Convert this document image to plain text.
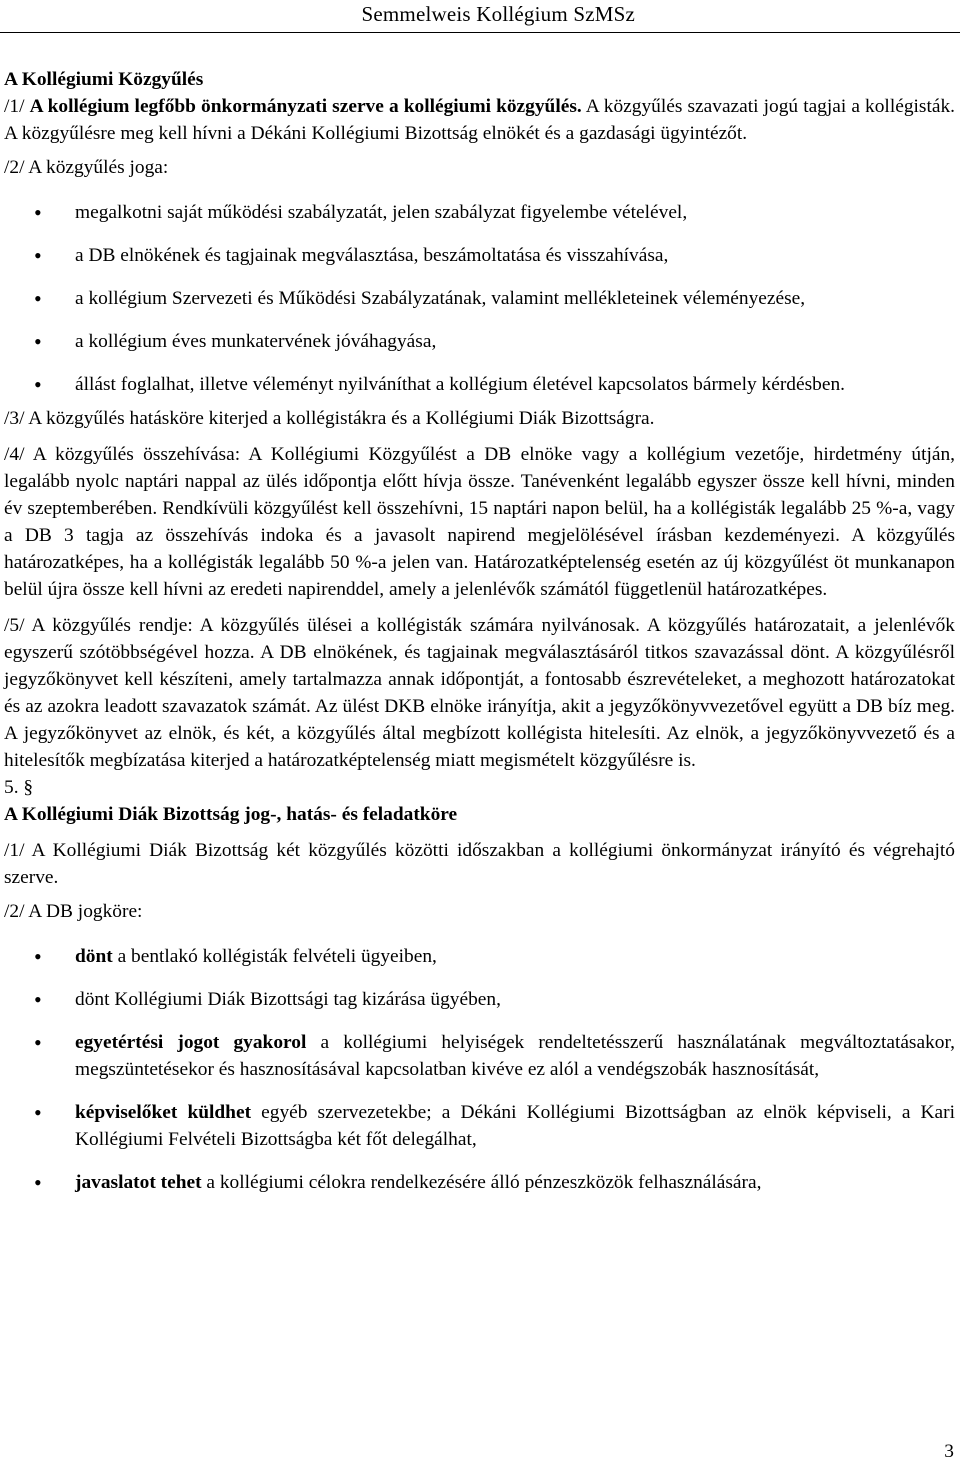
Semmelweis Kollégium SzMSz

A Kollégiumi Közgyűlés

/1/ A kollégium legfőbb önkormányzati szerve a kollégiumi közgyűlés. A közgyűlés szavazati jogú tagjai a kollégisták. A közgyűlésre meg kell hívni a Dékáni Kollégiumi Bizottság elnökét és a gazdasági ügyintézőt.

/2/ A közgyűlés joga:

• megalkotni saját működési szabályzatát, jelen szabályzat figyelembe vételével,
• a DB elnökének és tagjainak megválasztása, beszámoltatása és visszahívása,
• a kollégium Szervezeti és Működési Szabályzatának, valamint mellékleteinek véleményezése,
• a kollégium éves munkatervének jóváhagyása,
• állást foglalhat, illetve véleményt nyilváníthat a kollégium életével kapcsolatos bármely kérdésben.

/3/ A közgyűlés hatásköre kiterjed a kollégistákra és a Kollégiumi Diák Bizottságra.

/4/ A közgyűlés összehívása: A Kollégiumi Közgyűlést a DB elnöke vagy a kollégium vezetője, hirdetmény útján, legalább nyolc naptári nappal az ülés időpontja előtt hívja össze. Tanévenként legalább egyszer össze kell hívni, minden év szeptemberében. Rendkívüli közgyűlést kell összehívni, 15 naptári napon belül, ha a kollégisták legalább 25 %-a, vagy a DB 3 tagja az összehívás indoka és a javasolt napirend megjelölésével írásban kezdeményezi. A közgyűlés határozatképes, ha a kollégisták legalább 50 %-a jelen van. Határozatképtelenség esetén az új közgyűlést öt munkanapon belül újra össze kell hívni az eredeti napirenddel, amely a jelenlévők számától függetlenül határozatképes.

/5/ A közgyűlés rendje: A közgyűlés ülései a kollégisták számára nyilvánosak. A közgyűlés határozatait, a jelenlévők egyszerű szótöbbségével hozza. A DB elnökének, és tagjainak megválasztásáról titkos szavazással dönt. A közgyűlésről jegyzőkönyvet kell készíteni, amely tartalmazza annak időpontját, a fontosabb észrevételeket, a meghozott határozatokat és az azokra leadott szavazatok számát. Az ülést DKB elnöke irányítja, akit a jegyzőkönyvvezetővel együtt a DB bíz meg. A jegyzőkönyvet az elnök, és két, a közgyűlés által megbízott kollégista hitelesíti. Az elnök, a jegyzőkönyvvezető és a hitelesítők megbízatása kiterjed a határozatképtelenség miatt megismételt közgyűlésre is.

5. §

A Kollégiumi Diák Bizottság jog-, hatás- és feladatköre

/1/ A Kollégiumi Diák Bizottság két közgyűlés közötti időszakban a kollégiumi önkormányzat irányító és végrehajtó szerve.

/2/ A DB jogköre:

• dönt a bentlakó kollégisták felvételi ügyeiben,
• dönt Kollégiumi Diák Bizottsági tag kizárása ügyében,
• egyetértési jogot gyakorol a kollégiumi helyiségek rendeltetésszerű használatának megváltoztatásakor, megszüntetésekor és hasznosításával kapcsolatban kivéve ez alól a vendégszobák hasznosítását,
• képviselőket küldhet egyéb szervezetekbe; a Dékáni Kollégiumi Bizottságban az elnök képviseli, a Kari Kollégiumi Felvételi Bizottságba két főt delegálhat,
• javaslatot tehet a kollégiumi célokra rendelkezésére álló pénzeszközök felhasználására,
3
